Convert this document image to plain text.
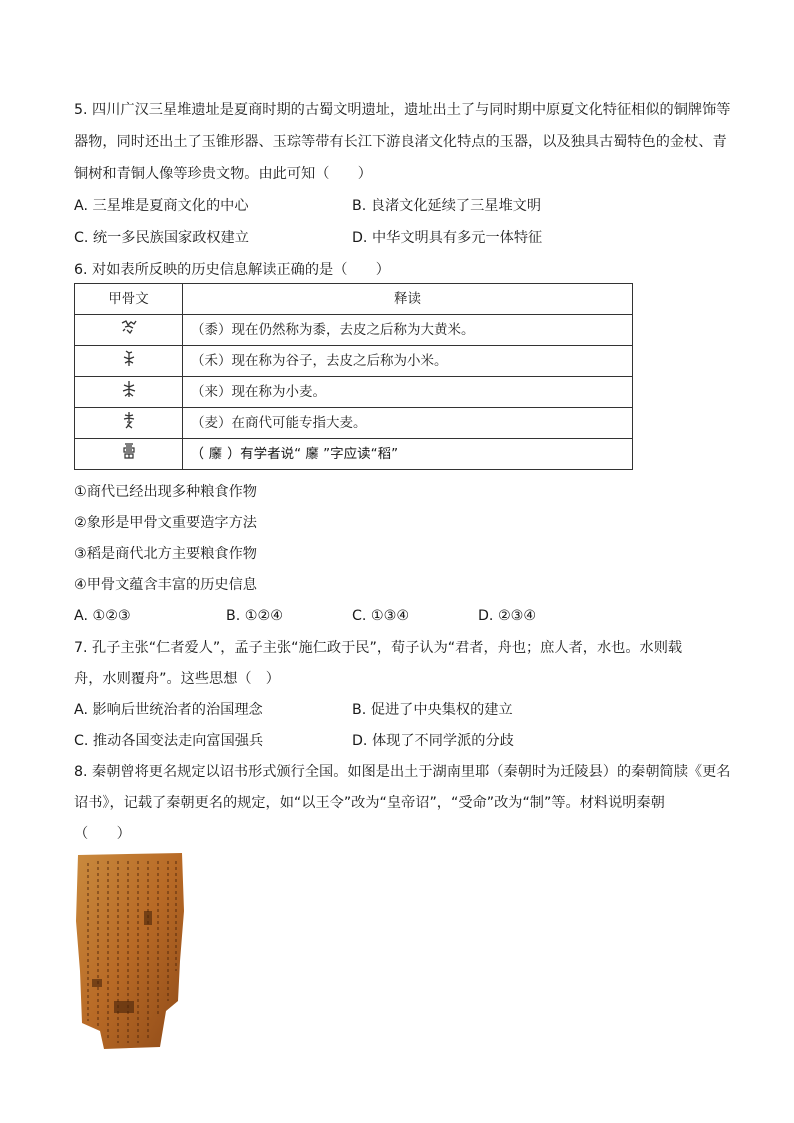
5. 四川广汉三星堆遗址是夏商时期的古蜀文明遗址，遗址出土了与同时期中原夏文化特征相似的铜牌饰等
器物，同时还出土了玉锥形器、玉琮等带有长江下游良渚文化特点的玉器，以及独具古蜀特色的金杖、青
铜树和青铜人像等珍贵文物。由此可知（　　）
A. 三星堆是夏商文化的中心	B. 良渚文化延续了三星堆文明
C. 统一多民族国家政权建立	D. 中华文明具有多元一体特征
6. 对如表所反映的历史信息解读正确的是（　　）
甲骨文	释读
	（黍）现在仍然称为黍，去皮之后称为大黄米。
	（禾）现在称为谷子，去皮之后称为小米。
	（来）现在称为小麦。
	（麦）在商代可能专指大麦。
	（ 𪎭 ）有学者说“ 𪎭 ”字应读“稻”
①商代已经出现多种粮食作物
②象形是甲骨文重要造字方法
③稻是商代北方主要粮食作物
④甲骨文蕴含丰富的历史信息
A. ①②③	B. ①②④	C. ①③④	D. ②③④
7. 孔子主张“仁者爱人”，孟子主张“施仁政于民”，荀子认为“君者，舟也；庶人者，水也。水则载
舟，水则覆舟”。这些思想（　）
A. 影响后世统治者的治国理念	B. 促进了中央集权的建立
C. 推动各国变法走向富国强兵	D. 体现了不同学派的分歧
8. 秦朝曾将更名规定以诏书形式颁行全国。如图是出土于湖南里耶（秦朝时为迁陵县）的秦朝简牍《更名
诏书》，记载了秦朝更名的规定，如“以王令”改为“皇帝诏”，“受命”改为“制”等。材料说明秦朝
（　　）
